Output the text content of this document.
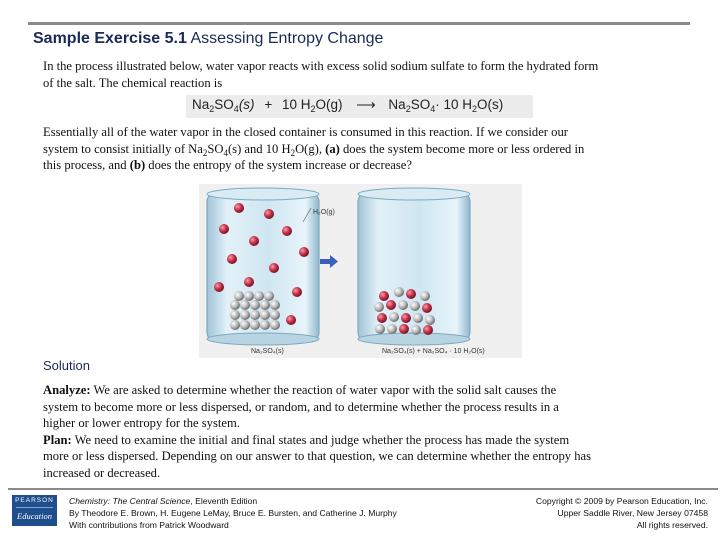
Sample Exercise 5.1 Assessing Entropy Change
In the process illustrated below, water vapor reacts with excess solid sodium sulfate to form the hydrated form
of the salt. The chemical reaction is
$Na_2SO_4(s) + 10$ $H_2O(g)$ ⟶ $Na_2SO_4\cdot 10$ $H_2O(s)$
Essentially all of the water vapor in the closed container is consumed in this reaction. If we consider our
system to consist initially of $Na_2SO_4(s)$ and 10 $H_2O(g)$, (a) does the system become more or less ordered in
this process, and (b) does the entropy of the system increase or decrease?
H₂O(g)
Na₂SO₄(s)	Na₂SO₄(s) + Na₂SO₄ · 10 H₂O(s)
Solution
Analyze: We are asked to determine whether the reaction of water vapor with the solid salt causes the
system to become more or less dispersed, or random, and to determine whether the process results in a
higher or lower entropy for the system.
Plan: We need to examine the initial and final states and judge whether the process has made the system
more or less dispersed. Depending on our answer to that question, we can determine whether the entropy has
increased or decreased.
PEARSON
Education
Chemistry: The Central Science, Eleventh Edition
By Theodore E. Brown, H. Eugene LeMay, Bruce E. Bursten, and Catherine J. Murphy
With contributions from Patrick Woodward
Copyright © 2009 by Pearson Education, Inc.
Upper Saddle River, New Jersey 07458
All rights reserved.
